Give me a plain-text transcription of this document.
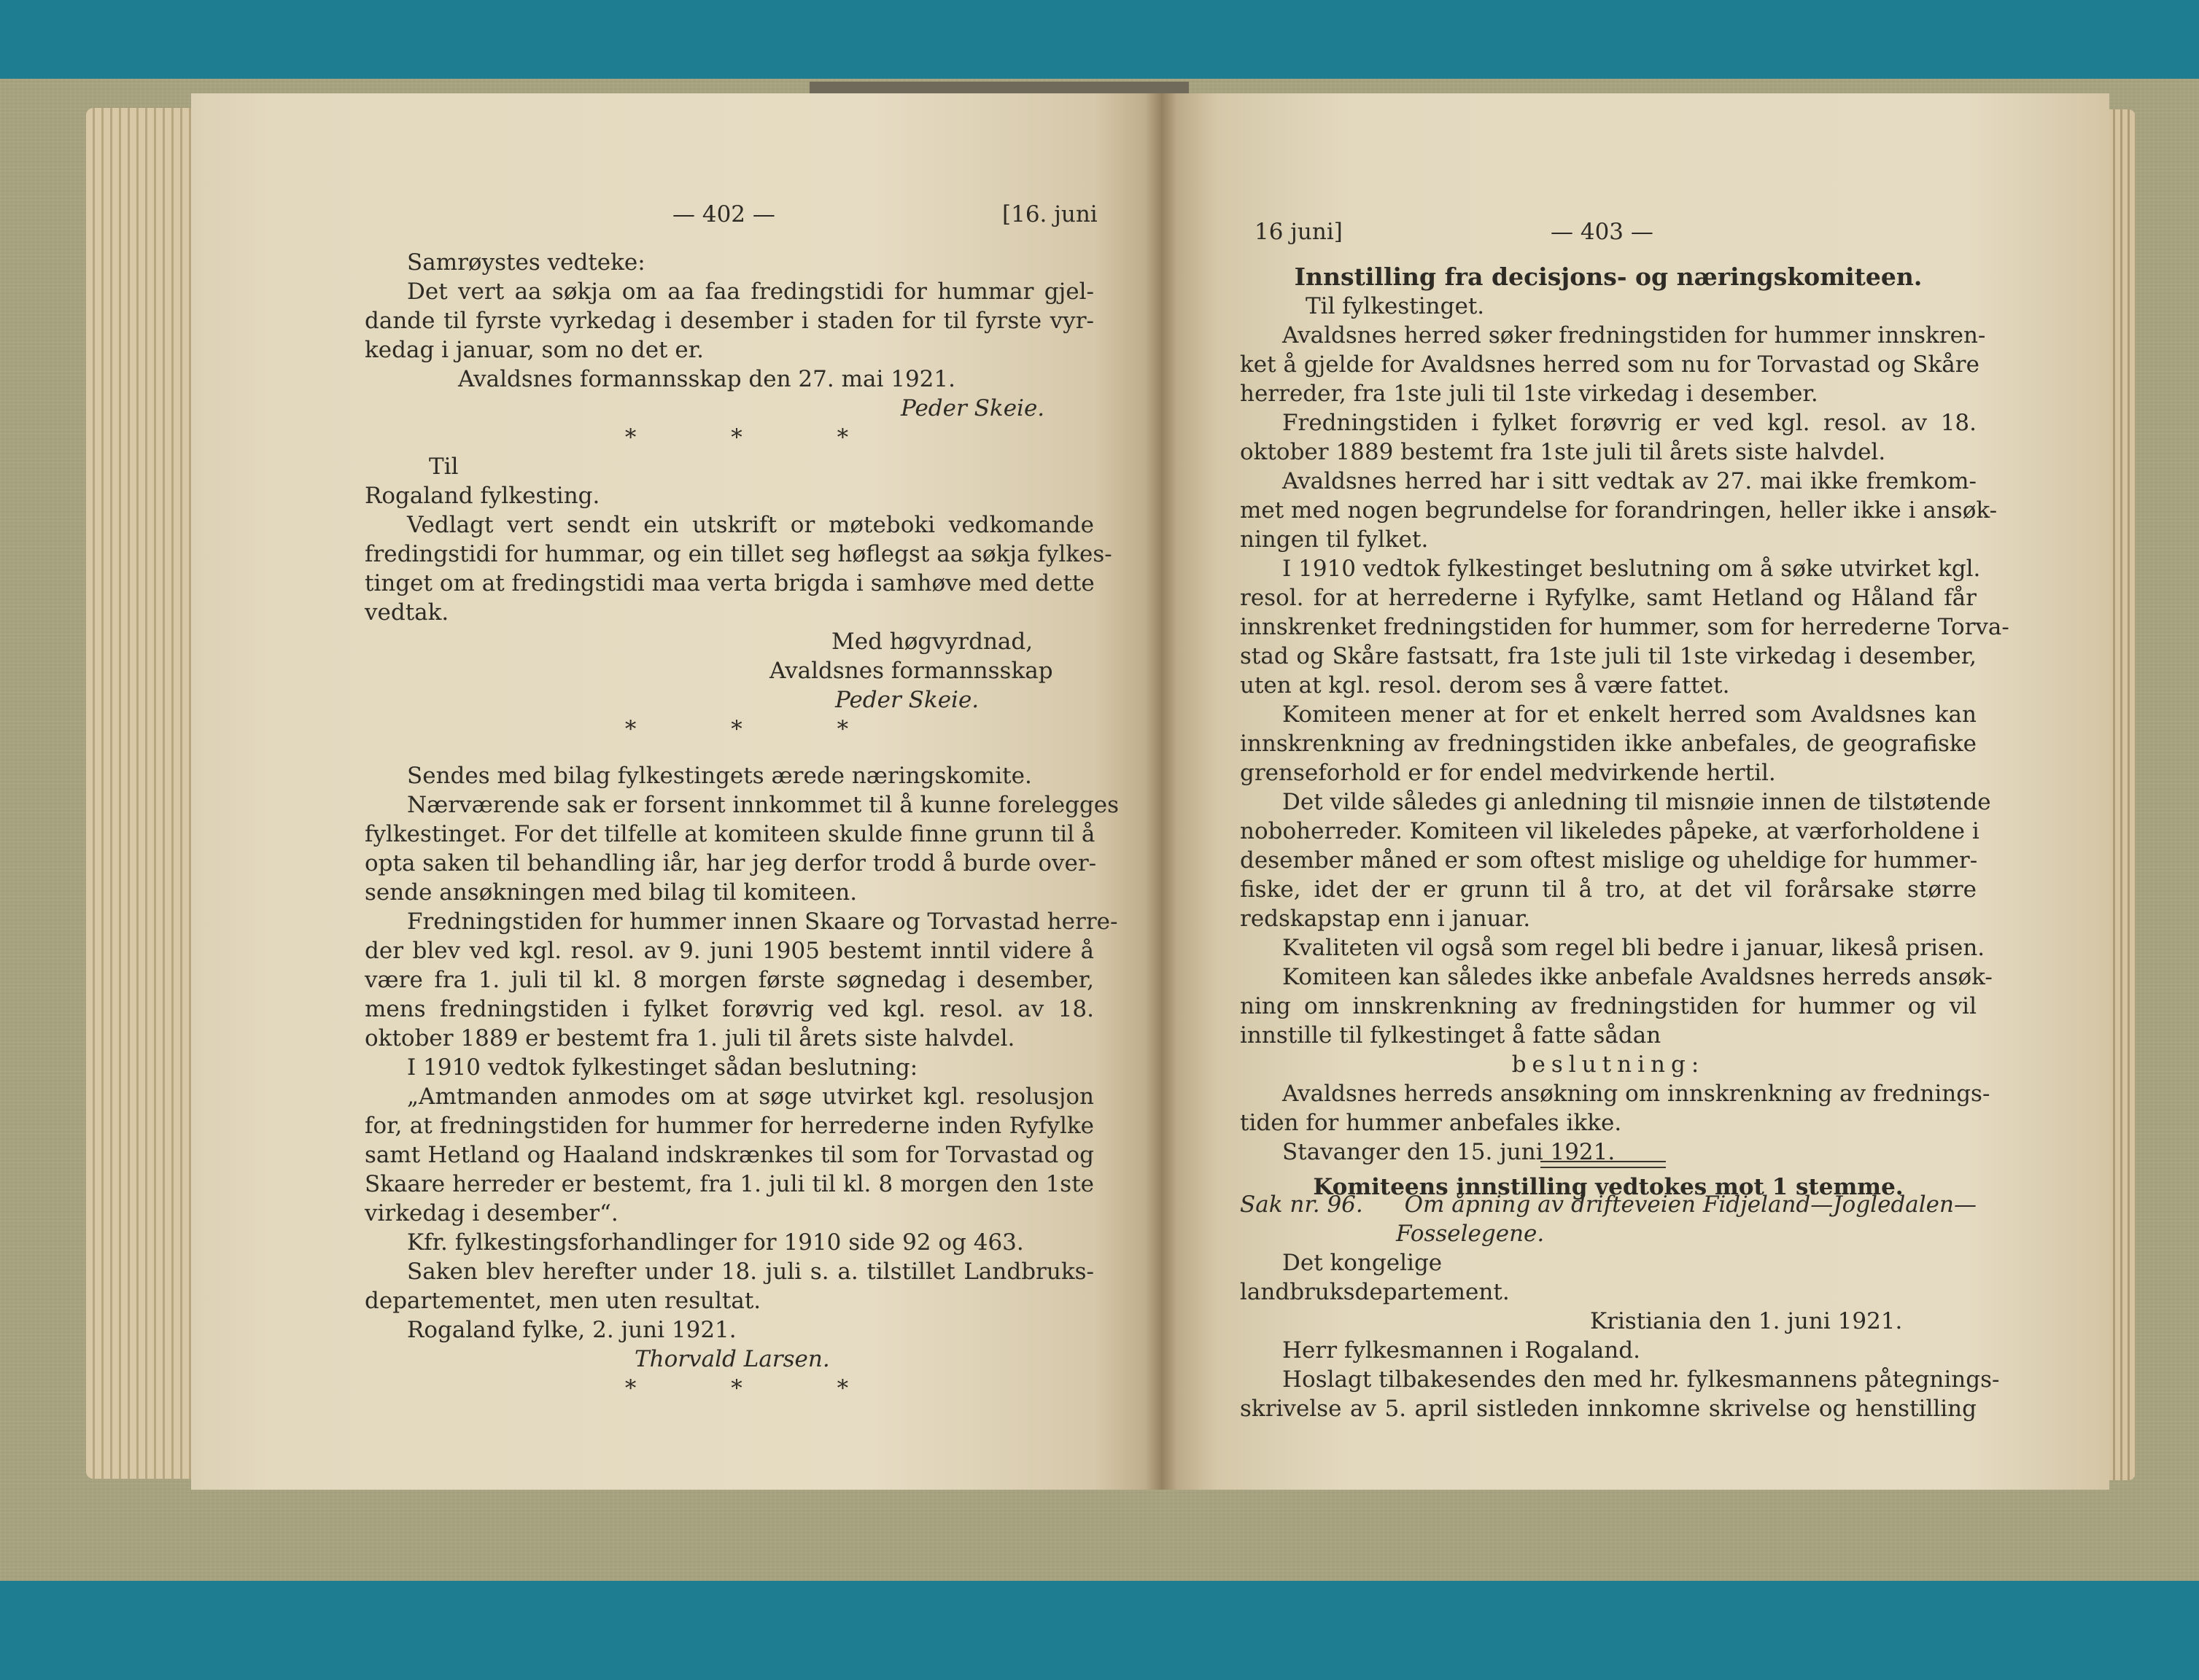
— 402 —	[16. juni
16 juni]	— 403 —
Samrøystes vedteke:
Det vert aa søkja om aa faa fredingstidi for hummar gjel-
dande til fyrste vyrkedag i desember i staden for til fyrste vyr-
kedag i januar, som no det er.
Avaldsnes formannsskap den 27. mai 1921.
Peder Skeie.
* * *
Til
Rogaland fylkesting.
Vedlagt vert sendt ein utskrift or møteboki vedkomande
fredingstidi for hummar, og ein tillet seg høflegst aa søkja fylkes-
tinget om at fredingstidi maa verta brigda i samhøve med dette
vedtak.
Med høgvyrdnad,
Avaldsnes formannsskap
Peder Skeie.
* * *
Sendes med bilag fylkestingets ærede næringskomite.
Nærværende sak er forsent innkommet til å kunne forelegges
fylkestinget. For det tilfelle at komiteen skulde finne grunn til å
opta saken til behandling iår, har jeg derfor trodd å burde over-
sende ansøkningen med bilag til komiteen.
Fredningstiden for hummer innen Skaare og Torvastad herre-
der blev ved kgl. resol. av 9. juni 1905 bestemt inntil videre å
være fra 1. juli til kl. 8 morgen første søgnedag i desember,
mens fredningstiden i fylket forøvrig ved kgl. resol. av 18.
oktober 1889 er bestemt fra 1. juli til årets siste halvdel.
I 1910 vedtok fylkestinget sådan beslutning:
„Amtmanden anmodes om at søge utvirket kgl. resolusjon
for, at fredningstiden for hummer for herrederne inden Ryfylke
samt Hetland og Haaland indskrænkes til som for Torvastad og
Skaare herreder er bestemt, fra 1. juli til kl. 8 morgen den 1ste
virkedag i desember“.
Kfr. fylkestingsforhandlinger for 1910 side 92 og 463.
Saken blev herefter under 18. juli s. a. tilstillet Landbruks-
departementet, men uten resultat.
Rogaland fylke, 2. juni 1921.
Thorvald Larsen.
* * *
Innstilling fra decisjons- og næringskomiteen.
Til fylkestinget.
Avaldsnes herred søker fredningstiden for hummer innskren-
ket å gjelde for Avaldsnes herred som nu for Torvastad og Skåre
herreder, fra 1ste juli til 1ste virkedag i desember.
Fredningstiden i fylket forøvrig er ved kgl. resol. av 18.
oktober 1889 bestemt fra 1ste juli til årets siste halvdel.
Avaldsnes herred har i sitt vedtak av 27. mai ikke fremkom-
met med nogen begrundelse for forandringen, heller ikke i ansøk-
ningen til fylket.
I 1910 vedtok fylkestinget beslutning om å søke utvirket kgl.
resol. for at herrederne i Ryfylke, samt Hetland og Håland får
innskrenket fredningstiden for hummer, som for herrederne Torva-
stad og Skåre fastsatt, fra 1ste juli til 1ste virkedag i desember,
uten at kgl. resol. derom ses å være fattet.
Komiteen mener at for et enkelt herred som Avaldsnes kan
innskrenkning av fredningstiden ikke anbefales, de geografiske
grenseforhold er for endel medvirkende hertil.
Det vilde således gi anledning til misnøie innen de tilstøtende
noboherreder. Komiteen vil likeledes påpeke, at værforholdene i
desember måned er som oftest mislige og uheldige for hummer-
fiske, idet der er grunn til å tro, at det vil forårsake større
redskapstap enn i januar.
Kvaliteten vil også som regel bli bedre i januar, likeså prisen.
Komiteen kan således ikke anbefale Avaldsnes herreds ansøk-
ning om innskrenkning av fredningstiden for hummer og vil
innstille til fylkestinget å fatte sådan
beslutning:
Avaldsnes herreds ansøkning om innskrenkning av frednings-
tiden for hummer anbefales ikke.
Stavanger den 15. juni 1921.
Komiteens innstilling vedtokes mot 1 stemme.
Sak nr. 96. Om åpning av drifteveien Fidjeland—Jogledalen—
Fosselegene.
Det kongelige
landbruksdepartement.
Kristiania den 1. juni 1921.
Herr fylkesmannen i Rogaland.
Hoslagt tilbakesendes den med hr. fylkesmannens påtegnings-
skrivelse av 5. april sistleden innkomne skrivelse og henstilling
